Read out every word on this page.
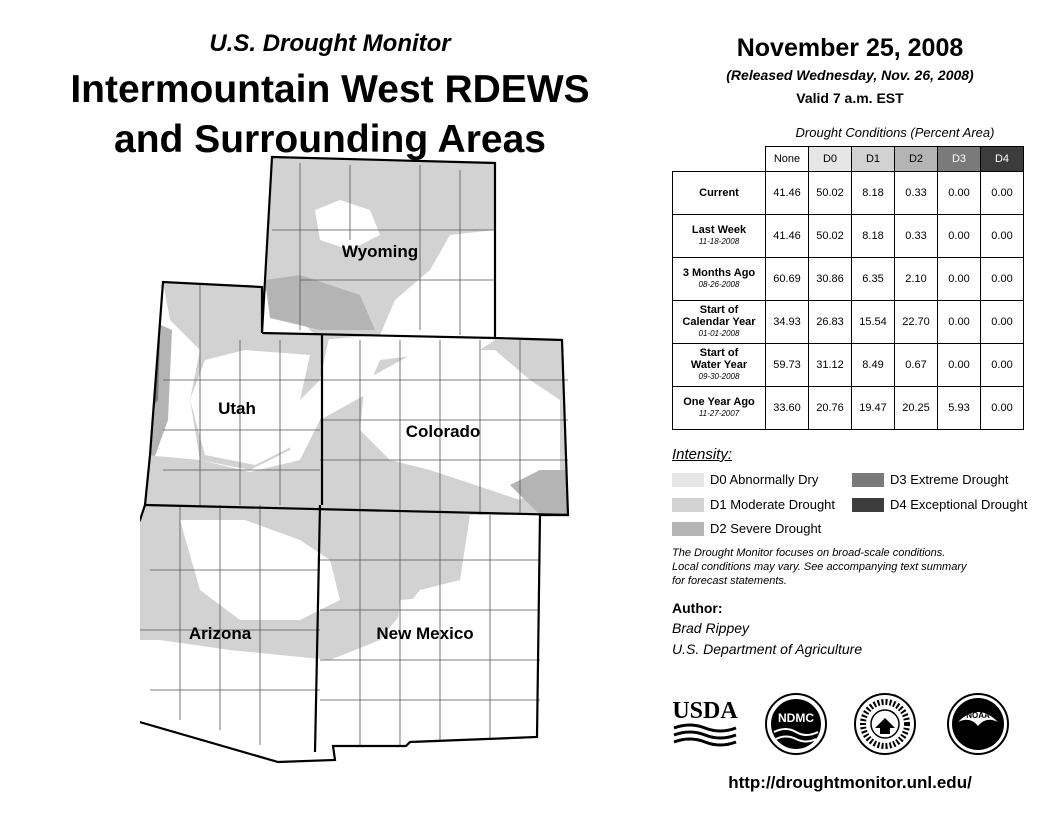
U.S. Drought Monitor
Intermountain West RDEWS
and Surrounding Areas
Wyoming
Utah
Colorado
Arizona	New Mexico
November 25, 2008
(Released Wednesday, Nov. 26, 2008)
Valid 7 a.m. EST
Drought Conditions (Percent Area)
	None	D0	D1	D2	D3	D4
Current	41.46	50.02	8.18	0.33	0.00	0.00
Last Week
11-18-2008	41.46	50.02	8.18	0.33	0.00	0.00
3 Months Ago
08-26-2008	60.69	30.86	6.35	2.10	0.00	0.00
Start of
Calendar Year
01-01-2008	34.93	26.83	15.54	22.70	0.00	0.00
Start of
Water Year
09-30-2008	59.73	31.12	8.49	0.67	0.00	0.00
One Year Ago
11-27-2007	33.60	20.76	19.47	20.25	5.93	0.00
Intensity:
D0 Abnormally Dry
D1 Moderate Drought
D2 Severe Drought
D3 Extreme Drought
D4 Exceptional Drought
The Drought Monitor focuses on broad-scale conditions.
Local conditions may vary. See accompanying text summary
for forecast statements.
Author:
Brad Rippey
U.S. Department of Agriculture
USDA	NDMC	NOAA
http://droughtmonitor.unl.edu/
